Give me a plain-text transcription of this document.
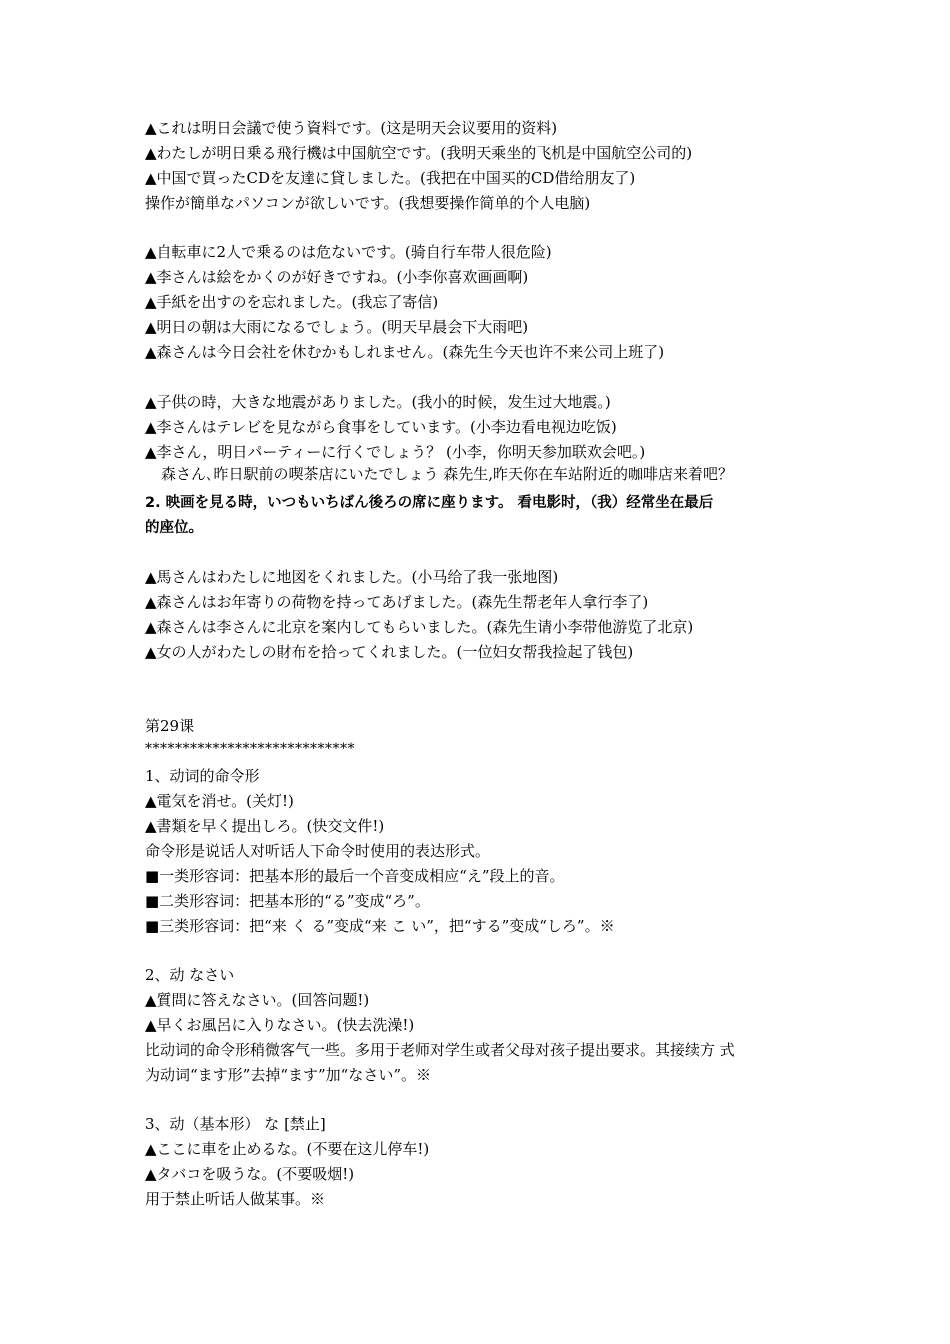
▲これは明日会議で使う資料です。(这是明天会议要用的资料)
▲わたしが明日乗る飛行機は中国航空です。(我明天乘坐的飞机是中国航空公司的)
▲中国で買ったCDを友達に貸しました。(我把在中国买的CD借给朋友了)
操作が簡単なパソコンが欲しいです。(我想要操作简单的个人电脑)
▲自転車に2人で乗るのは危ないです。(骑自行车带人很危险)
▲李さんは絵をかくのが好きですね。(小李你喜欢画画啊)
▲手紙を出すのを忘れました。(我忘了寄信)
▲明日の朝は大雨になるでしょう。(明天早晨会下大雨吧)
▲森さんは今日会社を休むかもしれません。(森先生今天也许不来公司上班了)
▲子供の時，大きな地震がありました。(我小的时候，发生过大地震。)
▲李さんはテレビを見ながら食事をしています。(小李边看电视边吃饭)
▲李さん，明日パーティーに行くでしょう？ (小李，你明天参加联欢会吧。)
森さん､昨日駅前の喫茶店にいたでしょう 森先生,昨天你在车站附近的咖啡店来着吧？
2. 映画を見る時，いつもいちばん後ろの席に座ります。 看电影时，（我）经常坐在最后
的座位。
▲馬さんはわたしに地図をくれました。(小马给了我一张地图)
▲森さんはお年寄りの荷物を持ってあげました。(森先生帮老年人拿行李了)
▲森さんは李さんに北京を案内してもらいました。(森先生请小李带他游览了北京)
▲女の人がわたしの財布を拾ってくれました。(一位妇女帮我捡起了钱包)
第29课
****************************
1、动词的命令形
▲電気を消せ。(关灯!)
▲書類を早く提出しろ。(快交文件!)
命令形是说话人对听话人下命令时使用的表达形式。
■一类形容词：把基本形的最后一个音变成相应“え”段上的音。
■二类形容词：把基本形的“る”变成“ろ”。
■三类形容词：把“来 く る”变成“来 こ い”，把“する”变成“しろ”。※
2、动 なさい
▲質問に答えなさい。(回答问题!)
▲早くお風呂に入りなさい。(快去洗澡!)
比动词的命令形稍微客气一些。多用于老师对学生或者父母对孩子提出要求。其接续方 式
为动词“ます形”去掉“ます”加“なさい”。※
3、动（基本形） な [禁止]
▲ここに車を止めるな。(不要在这儿停车!)
▲タバコを吸うな。(不要吸烟!)
用于禁止听话人做某事。※
